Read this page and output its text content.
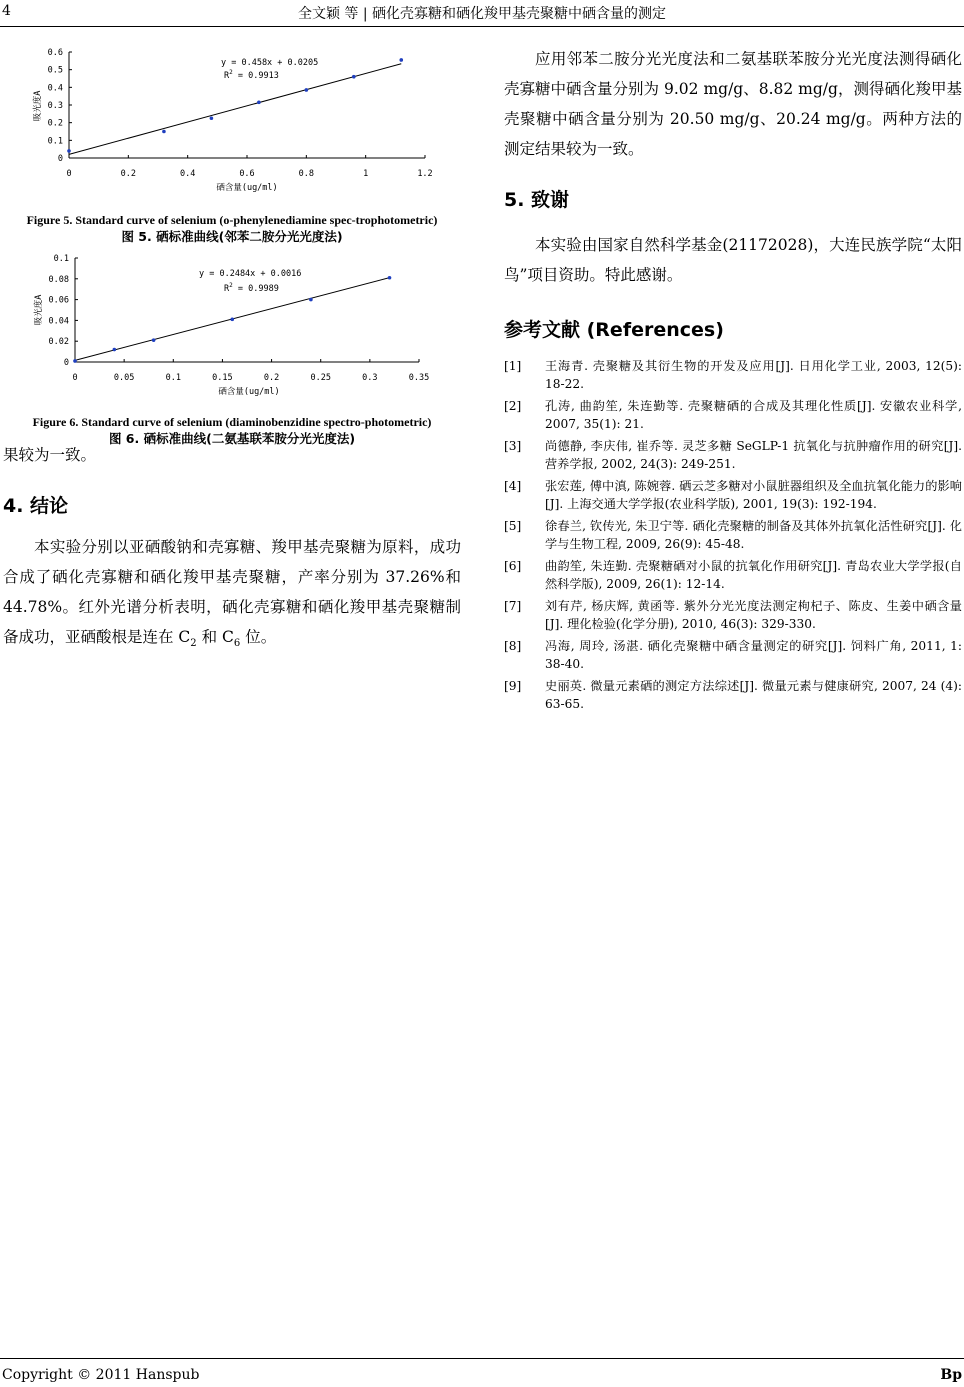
4	全文颖 等 | 硒化壳寡糖和硒化羧甲基壳聚糖中硒含量的测定
0	0.2	0.4	0.6	0.8	1	1.2
0
0.1
0.2
0.3
0.4
0.5
0.6
y = 0.458x + 0.0205
$R^2 = 0.9913$
吸光度A
硒含量(ug/ml)
Figure 5. Standard curve of selenium (o-phenylenediamine spec-trophotometric)
图 5. 硒标准曲线(邻苯二胺分光光度法)
0	0.05	0.1	0.15	0.2	0.25	0.3	0.35
0
0.02
0.04
0.06
0.08
0.1
y = 0.2484x + 0.0016
$R^2 = 0.9989$
吸光度A
硒含量(ug/ml)
Figure 6. Standard curve of selenium (diaminobenzidine spectro-photometric)
图 6. 硒标准曲线(二氨基联苯胺分光光度法)

果较为一致。

4. 结论

本实验分别以亚硒酸钠和壳寡糖、羧甲基壳聚糖为原料，成功合成了硒化壳寡糖和硒化羧甲基壳聚糖，产率分别为 37.26%和 44.78%。红外光谱分析表明，硒化壳寡糖和硒化羧甲基壳聚糖制备成功，亚硒酸根是连在 $C_2$ 和 $C_6$ 位。

应用邻苯二胺分光光度法和二氨基联苯胺分光光度法测得硒化壳寡糖中硒含量分别为 9.02 mg/g、8.82 mg/g，测得硒化羧甲基壳聚糖中硒含量分别为 20.50 mg/g、20.24 mg/g。两种方法的测定结果较为一致。

5. 致谢

本实验由国家自然科学基金(21172028)，大连民族学院“太阳鸟”项目资助。特此感谢。

参考文献 (References)
[1] 王海青. 壳聚糖及其衍生物的开发及应用[J]. 日用化学工业, 2003, 12(5): 18-22.
[2] 孔涛, 曲韵笙, 朱连勤等. 壳聚糖硒的合成及其理化性质[J]. 安徽农业科学, 2007, 35(1): 21.
[3] 尚德静, 李庆伟, 崔乔等. 灵芝多糖 SeGLP-1 抗氧化与抗肿瘤作用的研究[J]. 营养学报, 2002, 24(3): 249-251.
[4] 张宏莲, 傅中滇, 陈婉蓉. 硒云芝多糖对小鼠脏器组织及全血抗氧化能力的影响[J]. 上海交通大学学报(农业科学版), 2001, 19(3): 192-194.
[5] 徐春兰, 钦传光, 朱卫宁等. 硒化壳聚糖的制备及其体外抗氧化活性研究[J]. 化学与生物工程, 2009, 26(9): 45-48.
[6] 曲韵笙, 朱连勤. 壳聚糖硒对小鼠的抗氧化作用研究[J]. 青岛农业大学学报(自然科学版), 2009, 26(1): 12-14.
[7] 刘有芹, 杨庆辉, 黄函等. 紫外分光光度法测定枸杞子、陈皮、生姜中硒含量[J]. 理化检验(化学分册), 2010, 46(3): 329-330.
[8] 冯海, 周玲, 汤湛. 硒化壳聚糖中硒含量测定的研究[J]. 饲料广角, 2011, 1: 38-40.
[9] 史丽英. 微量元素硒的测定方法综述[J]. 微量元素与健康研究, 2007, 24 (4): 63-65.
Copyright © 2011 Hanspub	Bp
